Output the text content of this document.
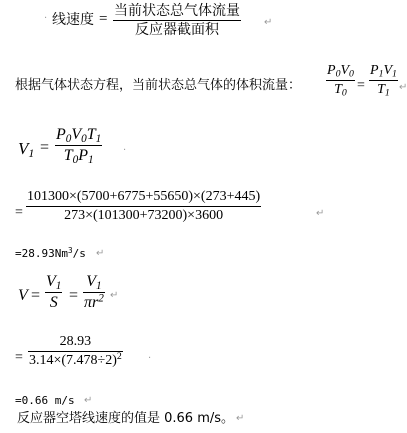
· 线速度 = 当前状态总气体流量
反应器截面积	↵
根据气体状态方程，当前状态总气体的体积流量：
$P_0V_0$
$T_0$ =
$P_1V_1$
$T_1$ ↵
$V_1$ =
$P_0V_0T_1$
$T_0P_1$
·
=
101300×(5700+6775+55650)×(273+445)
273×(101300+73200)×3600	↵
$=28.93Nm^3/s$ ↵
V =
$V_1$
S =
$V_1$
$\pi r^2$ ↵
=
28.93
$3.14\times(7.478\div 2)^2$	·
=0.66 m/s ↵
反应器空塔线速度的值是 0.66 m/s。 ↵
